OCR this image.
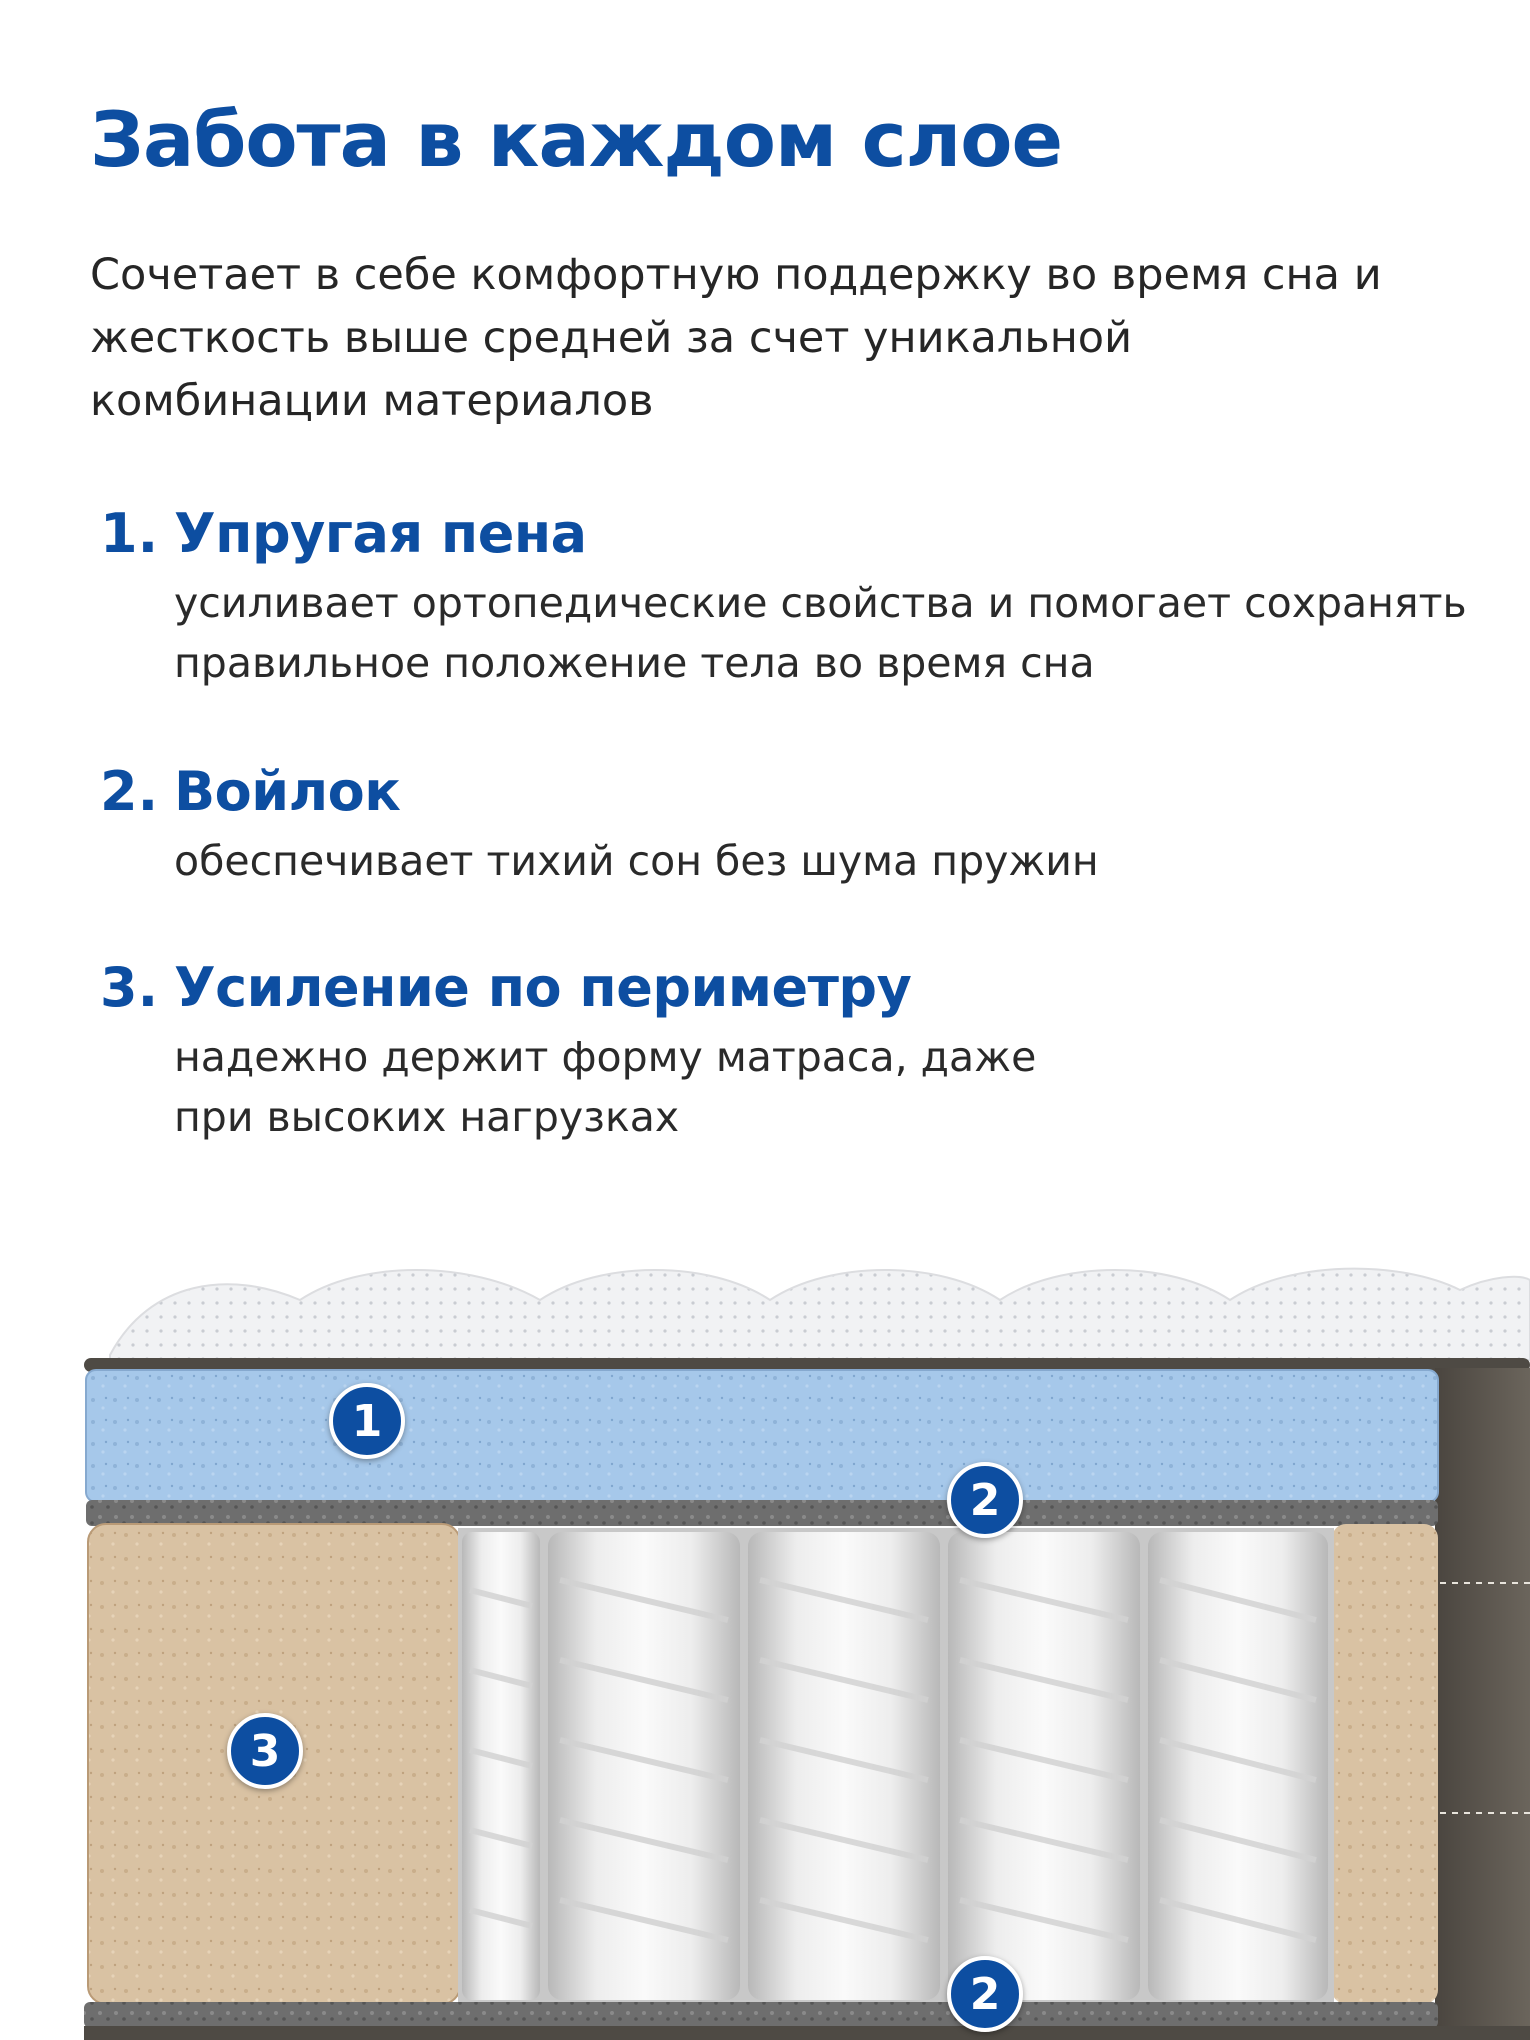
Забота в каждом слое

Сочетает в себе комфортную поддержку во время сна и жесткость выше средней за счет уникальной комбинации материалов

1. Упругая пена
усиливает ортопедические свойства и помогает сохранять правильное положение тела во время сна
2. Войлок
обеспечивает тихий сон без шума пружин
3. Усиление по периметру
надежно держит форму матраса, даже при высоких нагрузках
1
2
3
2
